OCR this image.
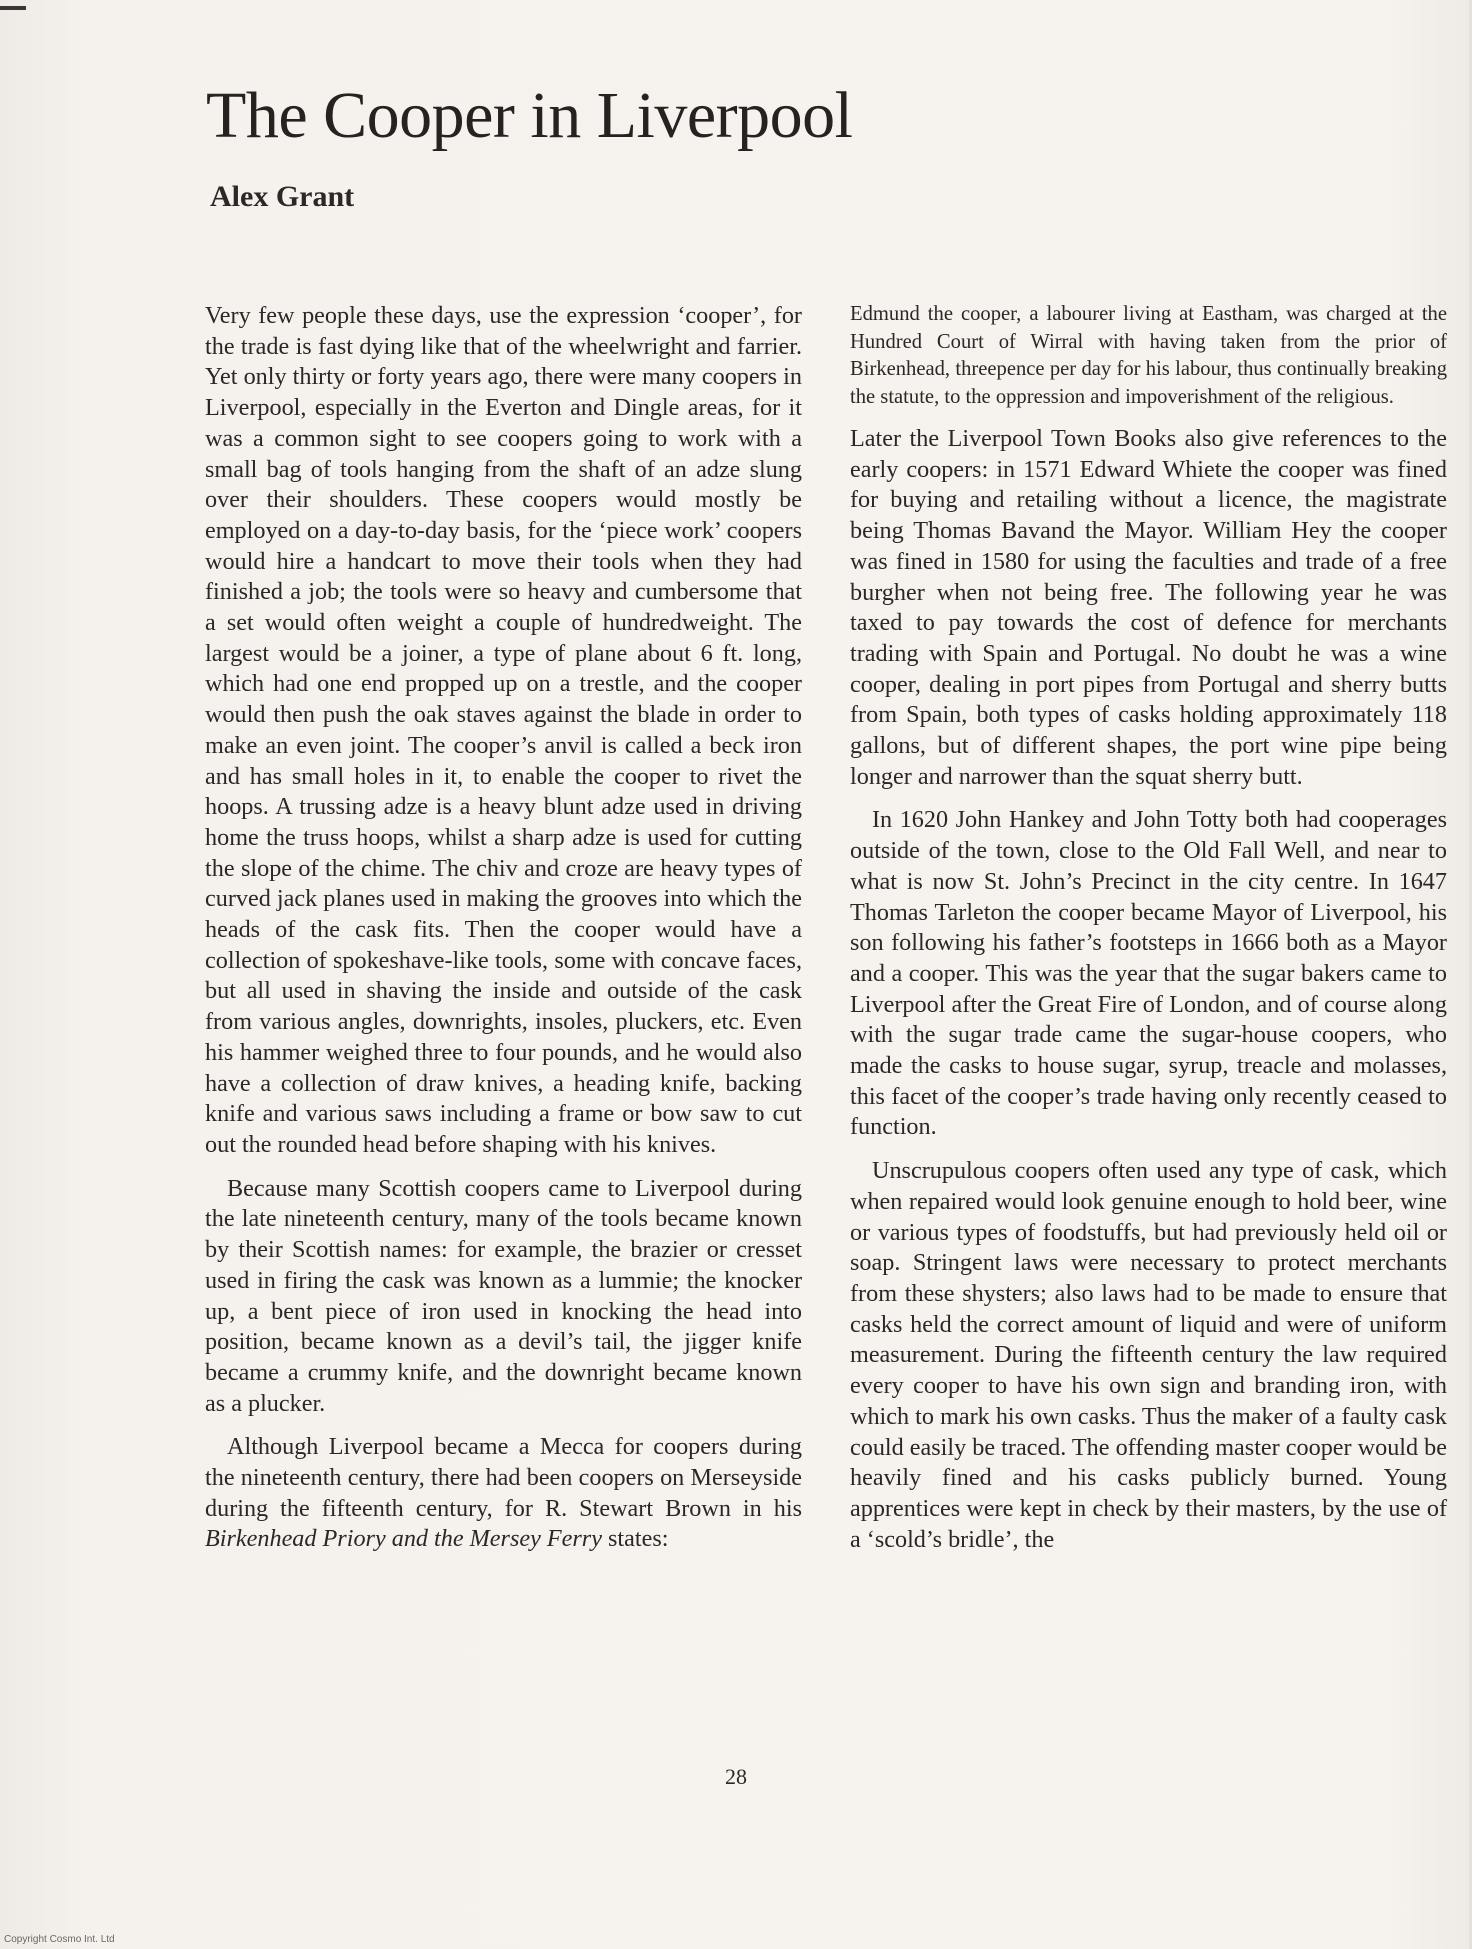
The Cooper in Liverpool
Alex Grant

Very few people these days, use the expression ‘cooper’, for the trade is fast dying like that of the wheelwright and farrier. Yet only thirty or forty years ago, there were many coopers in Liverpool, especially in the Everton and Dingle areas, for it was a common sight to see coopers going to work with a small bag of tools hanging from the shaft of an adze slung over their shoulders. These coopers would mostly be employed on a day-to-day basis, for the ‘piece work’ coopers would hire a handcart to move their tools when they had finished a job; the tools were so heavy and cumbersome that a set would often weight a couple of hundredweight. The largest would be a joiner, a type of plane about 6 ft. long, which had one end propped up on a trestle, and the cooper would then push the oak staves against the blade in order to make an even joint. The cooper’s anvil is called a beck iron and has small holes in it, to enable the cooper to rivet the hoops. A trussing adze is a heavy blunt adze used in driving home the truss hoops, whilst a sharp adze is used for cutting the slope of the chime. The chiv and croze are heavy types of curved jack planes used in making the grooves into which the heads of the cask fits. Then the cooper would have a collection of spokeshave-like tools, some with concave faces, but all used in shaving the inside and outside of the cask from various angles, downrights, insoles, pluckers, etc. Even his hammer weighed three to four pounds, and he would also have a collection of draw knives, a heading knife, backing knife and various saws including a frame or bow saw to cut out the rounded head before shaping with his knives.

Because many Scottish coopers came to Liverpool during the late nineteenth century, many of the tools became known by their Scottish names: for example, the brazier or cresset used in firing the cask was known as a lummie; the knocker up, a bent piece of iron used in knocking the head into position, became known as a devil’s tail, the jigger knife became a crummy knife, and the downright became known as a plucker.

Although Liverpool became a Mecca for coopers during the nineteenth century, there had been coopers on Merseyside during the fifteenth century, for R. Stewart Brown in his Birkenhead Priory and the Mersey Ferry states:

Edmund the cooper, a labourer living at Eastham, was charged at the Hundred Court of Wirral with having taken from the prior of Birkenhead, threepence per day for his labour, thus continually breaking the statute, to the oppression and impoverishment of the religious.

Later the Liverpool Town Books also give references to the early coopers: in 1571 Edward Whiete the cooper was fined for buying and retailing without a licence, the magistrate being Thomas Bavand the Mayor. William Hey the cooper was fined in 1580 for using the faculties and trade of a free burgher when not being free. The following year he was taxed to pay towards the cost of defence for merchants trading with Spain and Portugal. No doubt he was a wine cooper, dealing in port pipes from Portugal and sherry butts from Spain, both types of casks holding approximately 118 gallons, but of different shapes, the port wine pipe being longer and narrower than the squat sherry butt.

In 1620 John Hankey and John Totty both had cooperages outside of the town, close to the Old Fall Well, and near to what is now St. John’s Precinct in the city centre. In 1647 Thomas Tarleton the cooper became Mayor of Liverpool, his son following his father’s footsteps in 1666 both as a Mayor and a cooper. This was the year that the sugar bakers came to Liverpool after the Great Fire of London, and of course along with the sugar trade came the sugar-house coopers, who made the casks to house sugar, syrup, treacle and molasses, this facet of the cooper’s trade having only recently ceased to function.

Unscrupulous coopers often used any type of cask, which when repaired would look genuine enough to hold beer, wine or various types of foodstuffs, but had previously held oil or soap. Stringent laws were necessary to protect merchants from these shysters; also laws had to be made to ensure that casks held the correct amount of liquid and were of uniform measurement. During the fifteenth century the law required every cooper to have his own sign and branding iron, with which to mark his own casks. Thus the maker of a faulty cask could easily be traced. The offending master cooper would be heavily fined and his casks publicly burned. Young apprentices were kept in check by their masters, by the use of a ‘scold’s bridle’, the

28
Copyright Cosmo Int. Ltd
